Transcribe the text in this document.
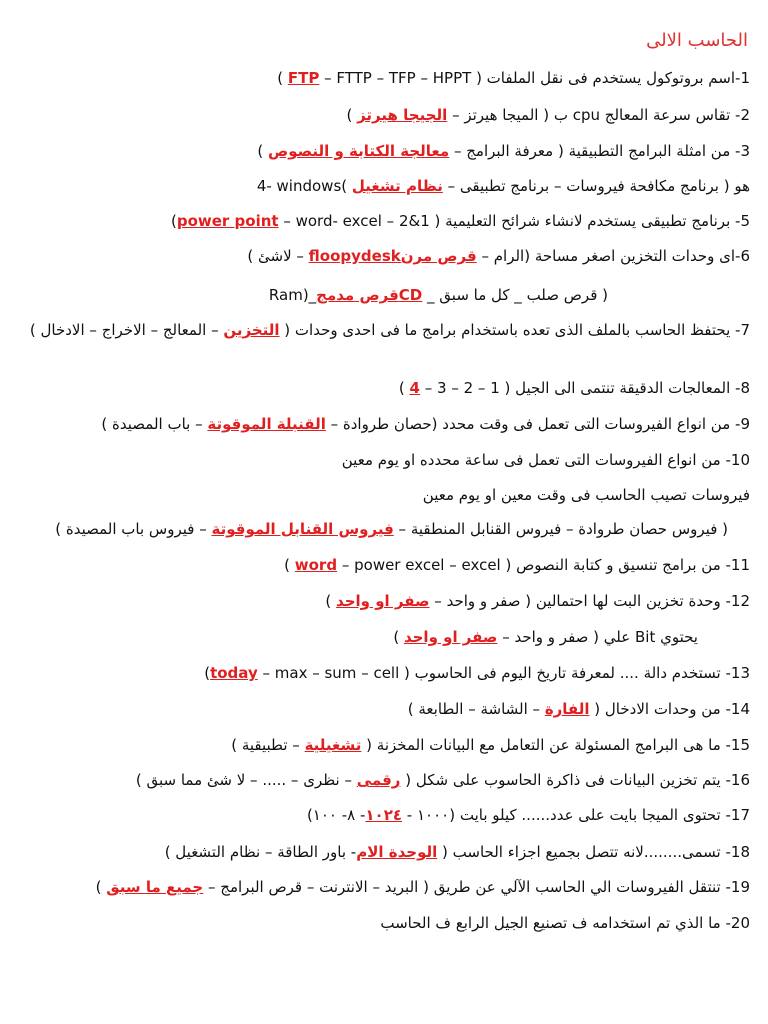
الحاسب الالى
1-اسم بروتوكول يستخدم فى نقل الملفات ( FTP – FTTP – TFP – HPPT )
2- تقاس سرعة المعالج cpu ب ( الميجا هيرتز – الجيجا هيرتز )
3- من امثلة البرامج التطبيقية ( معرفة البرامج – معالجة الكتابة و النصوص )
4- windowsهو ( برنامج مكافحة فيروسات – برنامج تطبيقى – نظام تشغيل )
5- برنامج تطبيقى يستخدم لانشاء شرائح التعليمية ( 1&2 – power point – word- excel)
6-اى وحدات التخزين اصغر مساحة (الرام – قرص مرنfloopydesk – لاشئ )
Ram)_قرص مدمجCD _ قرص صلب _ كل ما سبق )
7- يحتفظ الحاسب بالملف الذى تعده باستخدام برامج ما فى احدى وحدات ( التخزين – المعالج – الاخراج – الادخال )
8- المعالجات الدقيقة تنتمى الى الجيل ( 1 – 2 – 3 – 4 )
9- من انواع الفيروسات التى تعمل فى وقت محدد (حصان طروادة – القنبلة الموقوتة – باب المصيدة )
10- من انواع الفيروسات التى تعمل فى ساعة محدده او يوم معين
فيروسات تصيب الحاسب فى وقت معين او يوم معين
( فيروس حصان طروادة – فيروس القنابل المنطقية – فيروس القنابل الموقوتة – فيروس باب المصيدة )
11- من برامج تنسيق و كتابة النصوص ( word – power excel – excel )
12- وحدة تخزين البت لها احتمالين ( صفر و واحد – صفر او واحد )
يحتوي Bit علي ( صفر و واحد – صفر او واحد )
13- تستخدم دالة .... لمعرفة تاريخ اليوم فى الحاسوب ( today – max – sum – cell)
14- من وحدات الادخال ( الفارة – الشاشة – الطابعة )
15- ما هى البرامج المسئولة عن التعامل مع البيانات المخزنة ( تشغيلية – تطبيقية )
16- يتم تخزين البيانات فى ذاكرة الحاسوب على شكل ( رقمى – نظرى – ..... – لا شئ مما سبق )
17- تحتوى الميجا بايت على عدد...... كيلو بايت (١٠٠٠ - ١٠٢٤- ٨- ١٠٠)
18- تسمى........لانه تتصل بجميع اجزاء الحاسب ( الوحدة الام- باور الطاقة – نظام التشغيل )
19- تنتقل الفيروسات الي الحاسب الآلي عن طريق ( البريد – الانترنت – قرص البرامج – جميع ما سبق )
20- ما الذي تم استخدامه ف تصنيع الجيل الرابع ف الحاسب
